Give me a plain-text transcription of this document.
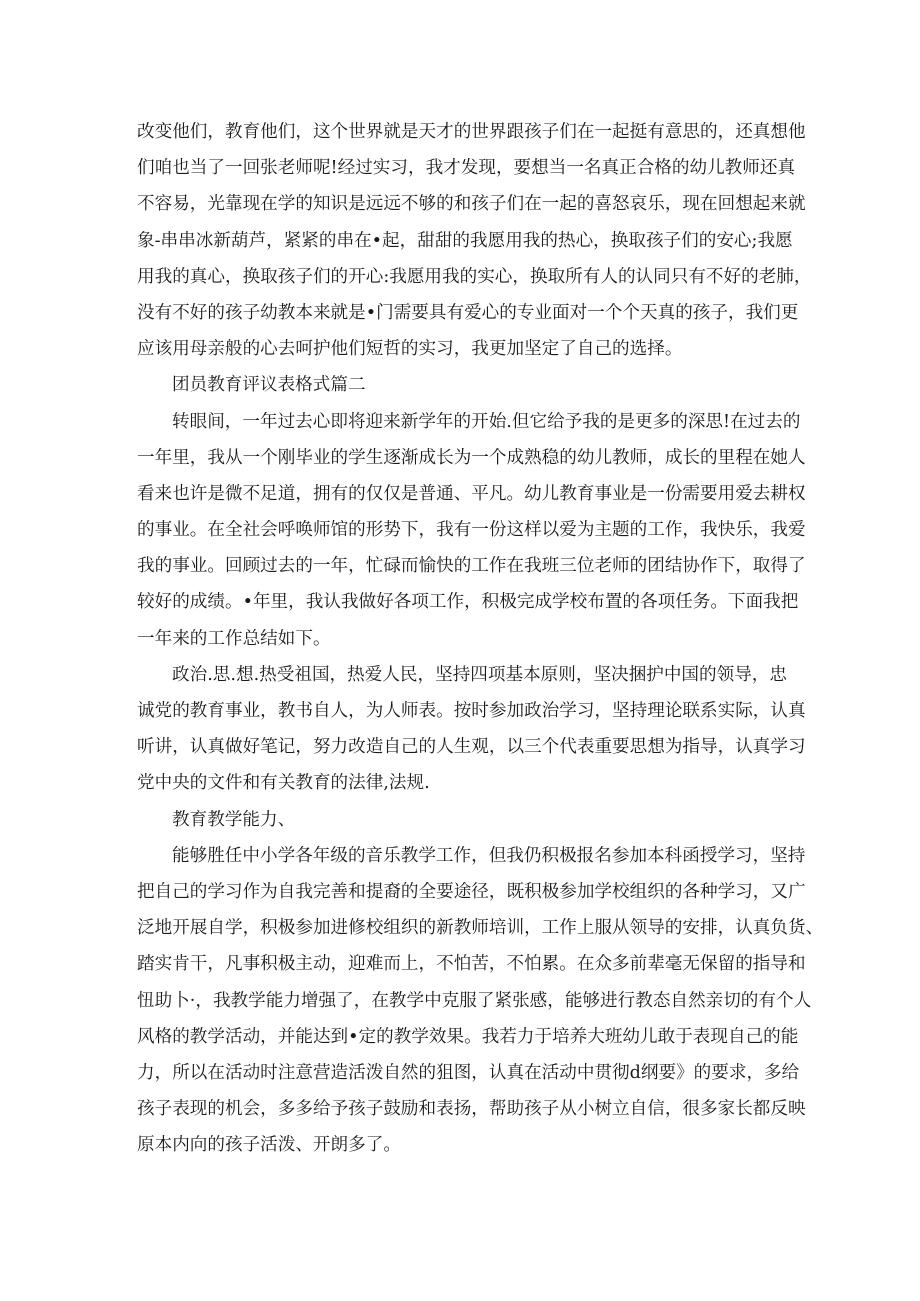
改变他们，教育他们，这个世界就是天才的世界跟孩子们在一起挺有意思的，还真想他
们咱也当了一回张老师呢!经过实习，我才发现，要想当一名真正合格的幼儿教师还真
不容易，光靠现在学的知识是远远不够的和孩子们在一起的喜怒哀乐，现在回想起来就
象-串串冰新葫芦，紧紧的串在•起，甜甜的我愿用我的热心，换取孩子们的安心;我愿
用我的真心，换取孩子们的开心:我愿用我的实心，换取所有人的认同只有不好的老肺，
没有不好的孩子幼教本来就是•门需要具有爱心的专业面对一个个天真的孩子，我们更
应该用母亲般的心去呵护他们短哲的实习，我更加坚定了自己的选择。
团员教育评议表格式篇二
转眼间，一年过去心即将迎来新学年的开始.但它给予我的是更多的深思!在过去的
一年里，我从一个刚毕业的学生逐渐成长为一个成熟稳的幼儿教师，成长的里程在她人
看来也许是微不足道，拥有的仅仅是普通、平凡。幼儿教育事业是一份需要用爱去耕权
的事业。在全社会呼唤师馆的形势下，我有一份这样以爱为主题的工作，我快乐，我爱
我的事业。回顾过去的一年，忙碌而愉快的工作在我班三位老师的团结协作下，取得了
较好的成绩。•年里，我认我做好各项工作，积极完成学校布置的各项任务。下面我把
一年来的工作总结如下。
政治.思.想.热受祖国，热爱人民，坚持四项基本原则，坚决捆护中国的领导，忠
诚党的教育事业，教书自人，为人师表。按时参加政治学习，坚持理论联系实际，认真
听讲，认真做好笔记，努力改造自己的人生观，以三个代表重要思想为指导，认真学习
党中央的文件和有关教育的法律,法规.
教育教学能力、
能够胜任中小学各年级的音乐教学工作，但我仍积极报名参加本科函授学习，坚持
把自己的学习作为自我完善和提裔的全要途径，既积极参加学校组织的各种学习，又广
泛地开展自学，积极参加进修校组织的新教师培训，工作上服从领导的安排，认真负货、
踏实肯干，凡事积极主动，迎难而上，不怕苦，不怕累。在众多前辈毫无保留的指导和
忸助卜·，我教学能力增强了，在教学中克服了紧张感，能够进行教态自然亲切的有个人
风格的教学活动，并能达到•定的教学效果。我若力于培养大班幼儿敢于表现自己的能
力，所以在活动时注意营造活泼自然的狙图，认真在活动中贯彻d纲要》的要求，多给
孩子表现的机会，多多给予孩子鼓励和表扬，帮助孩子从小树立自信，很多家长都反映
原本内向的孩子活泼、开朗多了。
